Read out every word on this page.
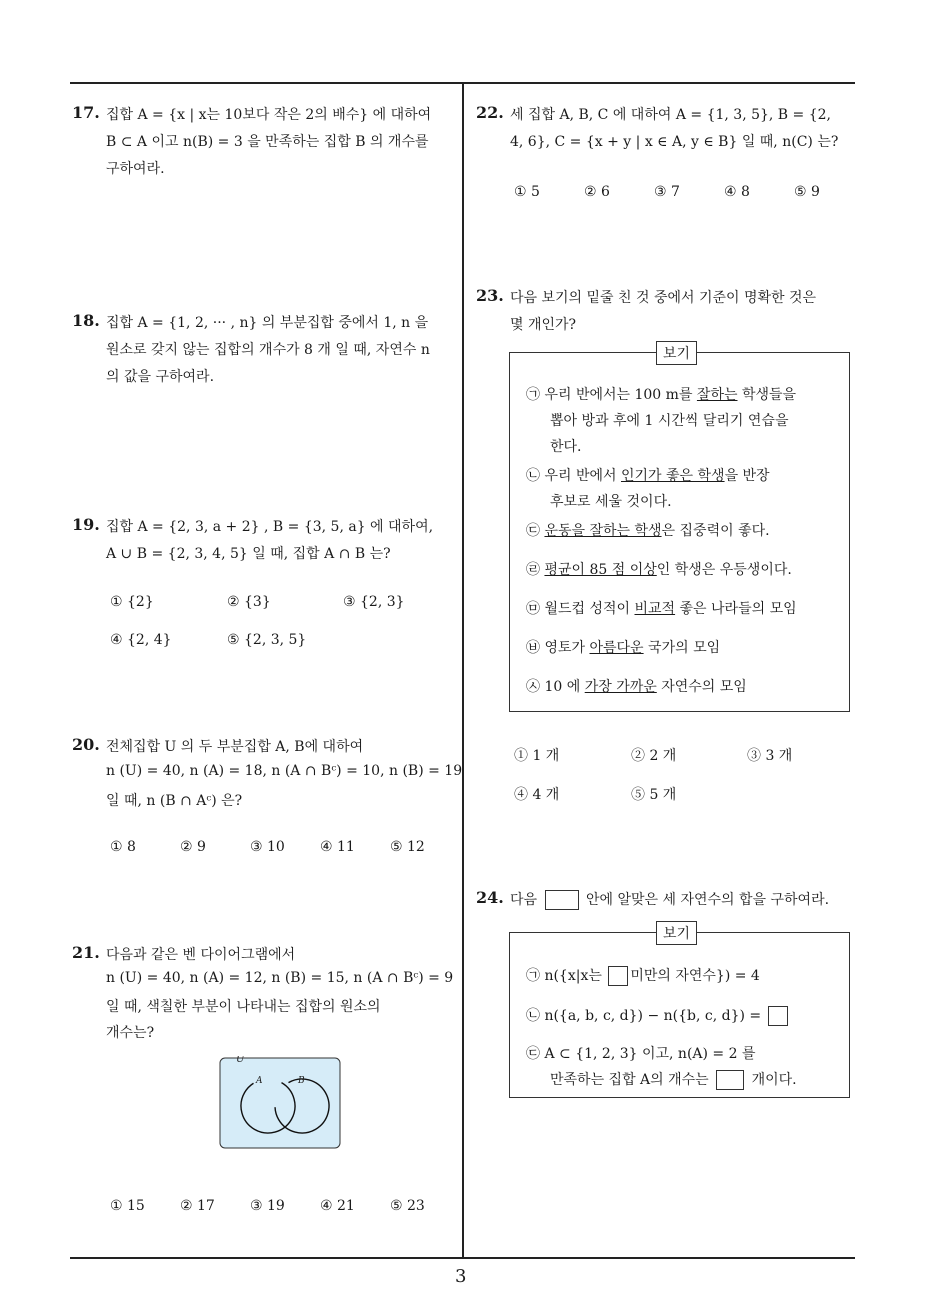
17. 집합 A = {x | x는 10보다 작은 2의 배수} 에 대하여
B ⊂ A 이고 n(B) = 3 을 만족하는 집합 B 의 개수를
구하여라.
18. 집합 A = {1, 2, ··· , n} 의 부분집합 중에서 1, n 을
원소로 갖지 않는 집합의 개수가 8 개 일 때, 자연수 n
의 값을 구하여라.
19. 집합 A = {2, 3, a + 2} , B = {3, 5, a} 에 대하여,
A ∪ B = {2, 3, 4, 5} 일 때, 집합 A ∩ B 는?
① {2}	② {3}	③ {2, 3}
④ {2, 4}	⑤ {2, 3, 5}
20. 전체집합 U 의 두 부분집합 A, B에 대하여
n (U) = 40, n (A) = 18, n (A ∩ Bᶜ) = 10, n (B) = 19
일 때, n (B ∩ Aᶜ) 은?
① 8	② 9	③ 10	④ 11	⑤ 12
21. 다음과 같은 벤 다이어그램에서
n (U) = 40, n (A) = 12, n (B) = 15, n (A ∩ Bᶜ) = 9
일 때, 색칠한 부분이 나타내는 집합의 원소의
개수는?
U
A	B
① 15	② 17	③ 19	④ 21	⑤ 23
22. 세 집합 A, B, C 에 대하여 A = {1, 3, 5}, B = {2,
4, 6}, C = {x + y | x ∈ A, y ∈ B} 일 때, n(C) 는?
① 5	② 6	③ 7	④ 8	⑤ 9
23. 다음 보기의 밑줄 친 것 중에서 기준이 명확한 것은
몇 개인가?
보기
㉠ 우리 반에서는 100 m를 잘하는 학생들을
뽑아 방과 후에 1 시간씩 달리기 연습을
한다.
㉡ 우리 반에서 인기가 좋은 학생을 반장
후보로 세울 것이다.
㉢ 운동을 잘하는 학생은 집중력이 좋다.
㉣ 평균이 85 점 이상인 학생은 우등생이다.
㉤ 월드컵 성적이 비교적 좋은 나라들의 모임
㉥ 영토가 아름다운 국가의 모임
㉦ 10 에 가장 가까운 자연수의 모임
① 1 개	② 2 개	③ 3 개
④ 4 개	⑤ 5 개
24. 다음	안에 알맞은 세 자연수의 합을 구하여라.
보기
㉠ n({x|x는 미만의 자연수}) = 4
㉡ n({a, b, c, d}) − n({b, c, d}) =
㉢ A ⊂ {1, 2, 3} 이고, n(A) = 2 를
만족하는 집합 A의 개수는	개이다.
3
